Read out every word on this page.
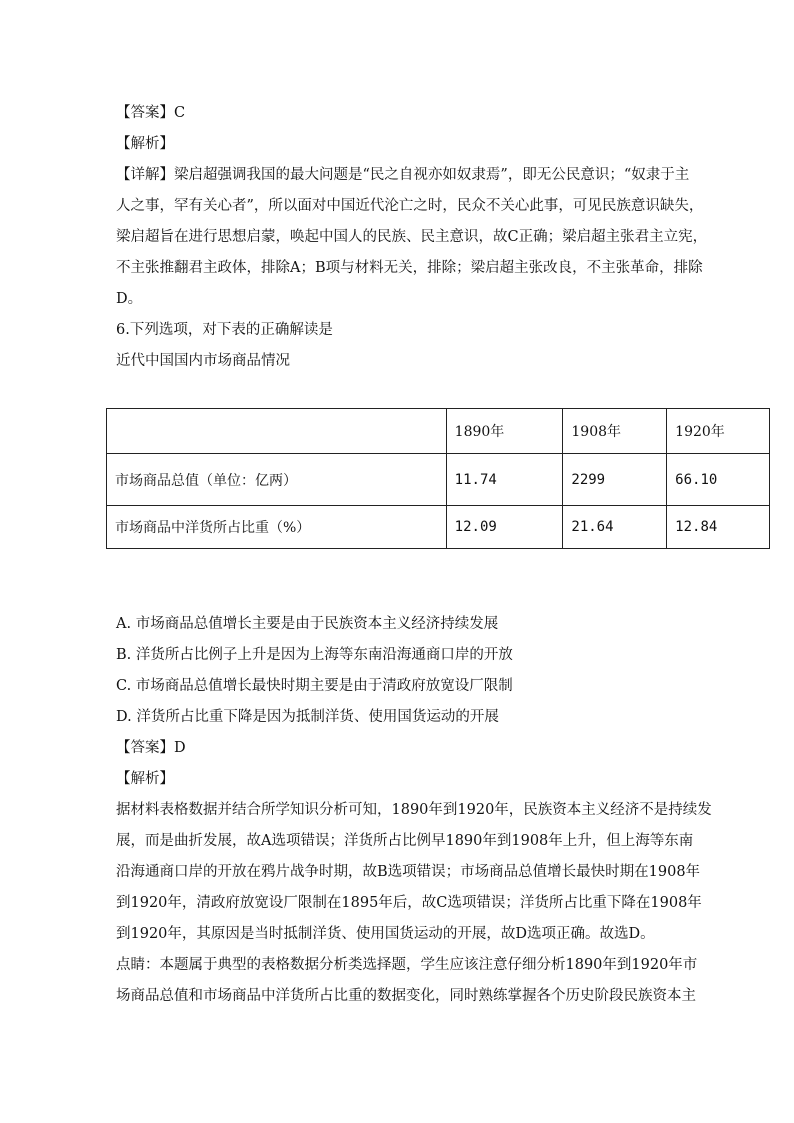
【答案】C
【解析】
【详解】梁启超强调我国的最大问题是“民之自视亦如奴隶焉”，即无公民意识；“奴隶于主
人之事，罕有关心者”，所以面对中国近代沦亡之时，民众不关心此事，可见民族意识缺失，
梁启超旨在进行思想启蒙，唤起中国人的民族、民主意识，故C正确；梁启超主张君主立宪，
不主张推翻君主政体，排除A；B项与材料无关，排除；梁启超主张改良，不主张革命，排除
D。
6.下列选项，对下表的正确解读是
近代中国国内市场商品情况
	1890年	1908年	1920年
市场商品总值（单位：亿两）	11.74	2299	66.10
市场商品中洋货所占比重（%）	12.09	21.64	12.84
A. 市场商品总值增长主要是由于民族资本主义经济持续发展
B. 洋货所占比例子上升是因为上海等东南沿海通商口岸的开放
C. 市场商品总值增长最快时期主要是由于清政府放宽设厂限制
D. 洋货所占比重下降是因为抵制洋货、使用国货运动的开展
【答案】D
【解析】
据材料表格数据并结合所学知识分析可知，1890年到1920年，民族资本主义经济不是持续发
展，而是曲折发展，故A选项错误；洋货所占比例早1890年到1908年上升，但上海等东南
沿海通商口岸的开放在鸦片战争时期，故B选项错误；市场商品总值增长最快时期在1908年
到1920年，清政府放宽设厂限制在1895年后，故C选项错误；洋货所占比重下降在1908年
到1920年，其原因是当时抵制洋货、使用国货运动的开展，故D选项正确。故选D。
点睛：本题属于典型的表格数据分析类选择题，学生应该注意仔细分析1890年到1920年市
场商品总值和市场商品中洋货所占比重的数据变化，同时熟练掌握各个历史阶段民族资本主
